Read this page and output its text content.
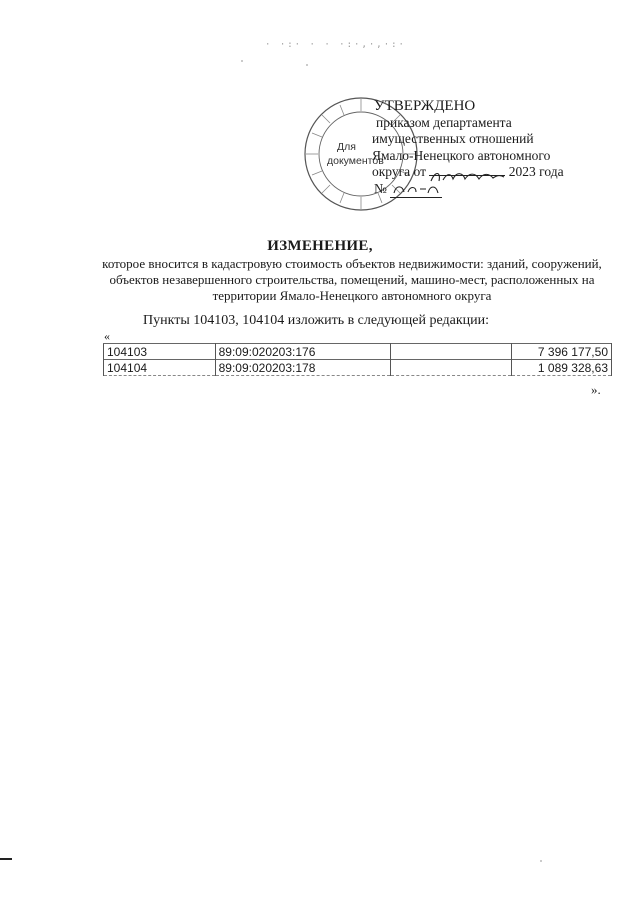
· ·:· · · ·:·,·,·:·
Для
документов
УТВЕРЖДЕНО
приказом департамента
имущественных отношений
Ямало-Ненецкого автономного
округа от	2023 года
№
ИЗМЕНЕНИЕ,
которое вносится в кадастровую стоимость объектов недвижимости: зданий, сооружений, объектов незавершенного строительства, помещений, машино-мест, расположенных на территории Ямало-Ненецкого автономного округа
Пункты 104103, 104104 изложить в следующей редакции:
«
104103	89:09:020203:176		7 396 177,50
104104	89:09:020203:178		1 089 328,63
».
